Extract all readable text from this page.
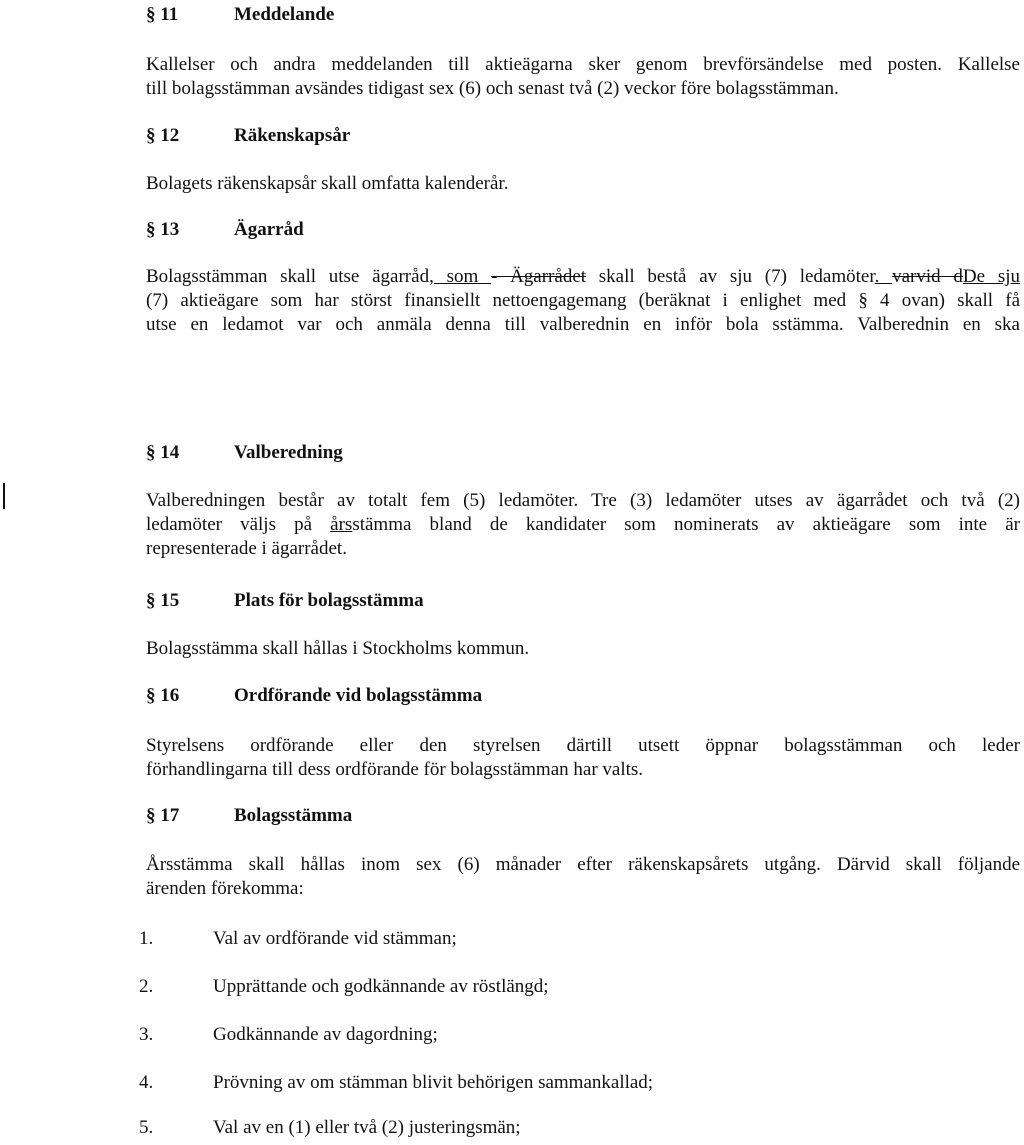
§ 11	Meddelande
Kallelser och andra meddelanden till aktieägarna sker genom brevförsändelse med posten. Kallelse
till bolagsstämman avsändes tidigast sex (6) och senast två (2) veckor före bolagsstämman.
§ 12	Räkenskapsår
Bolagets räkenskapsår skall omfatta kalenderår.
§ 13	Ägarråd
Bolagsstämman skall utse ägarråd, som - Ägarrådet skall bestå av sju (7) ledamöter. varvid dDe sju
(7) aktieägare som har störst finansiellt nettoengagemang (beräknat i enlighet med § 4 ovan) skall få
utse en ledamot var och anmäla denna till valberednin en inför bola sstämma. Valberednin en ska
§ 14	Valberedning
Valberedningen består av totalt fem (5) ledamöter. Tre (3) ledamöter utses av ägarrådet och två (2)
ledamöter väljs på årsstämma bland de kandidater som nominerats av aktieägare som inte är
representerade i ägarrådet.
§ 15	Plats för bolagsstämma
Bolagsstämma skall hållas i Stockholms kommun.
§ 16	Ordförande vid bolagsstämma
Styrelsens ordförande eller den styrelsen därtill utsett öppnar bolagsstämman och leder
förhandlingarna till dess ordförande för bolagsstämman har valts.
§ 17	Bolagsstämma
Årsstämma skall hållas inom sex (6) månader efter räkenskapsårets utgång. Därvid skall följande
ärenden förekomma:
1.	Val av ordförande vid stämman;
2.	Upprättande och godkännande av röstlängd;
3.	Godkännande av dagordning;
4.	Prövning av om stämman blivit behörigen sammankallad;
5.	Val av en (1) eller två (2) justeringsmän;
